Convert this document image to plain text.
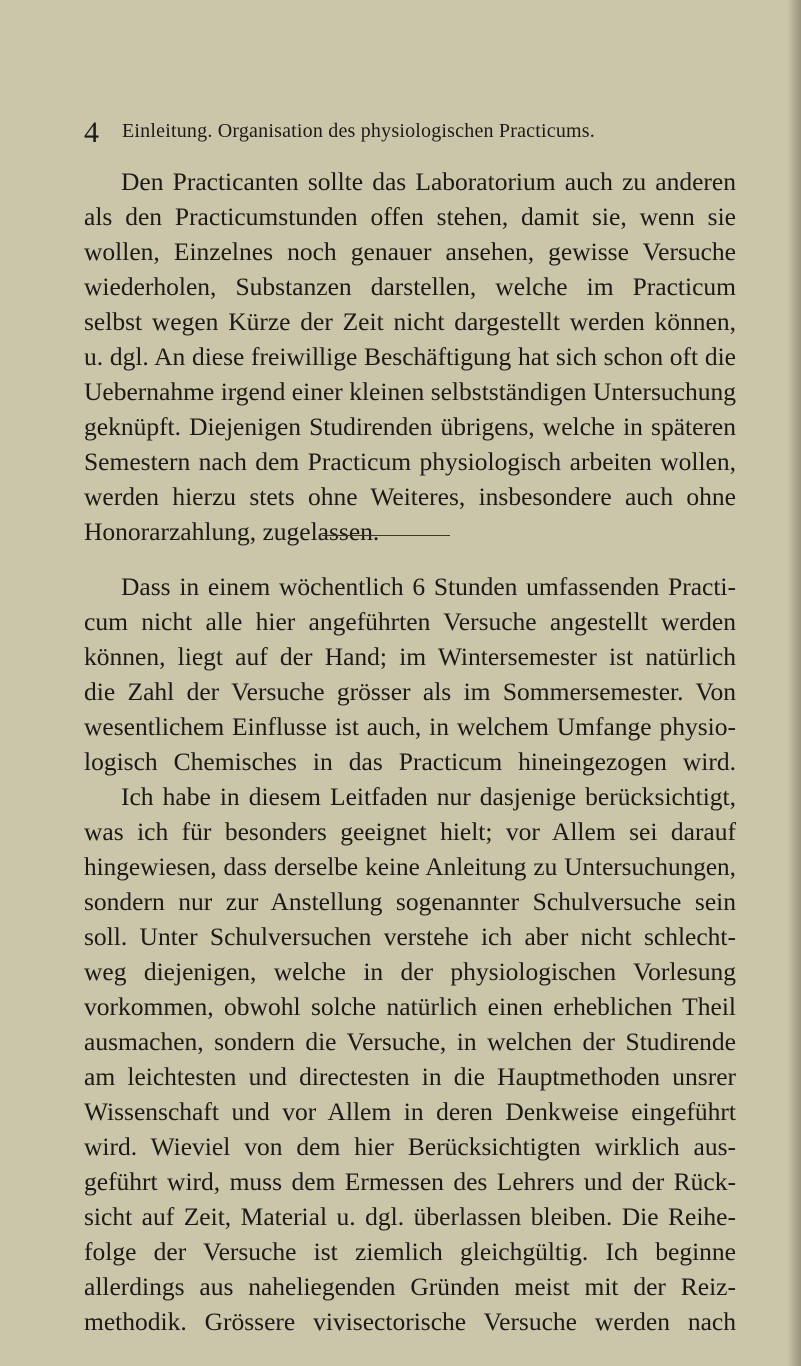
4 Einleitung. Organisation des physiologischen Practicums.
Den Practicanten sollte das Laboratorium auch zu anderen
als den Practicumstunden offen stehen, damit sie, wenn sie
wollen, Einzelnes noch genauer ansehen, gewisse Versuche
wiederholen, Substanzen darstellen, welche im Practicum
selbst wegen Kürze der Zeit nicht dargestellt werden können,
u. dgl. An diese freiwillige Beschäftigung hat sich schon oft die
Uebernahme irgend einer kleinen selbstständigen Untersuchung
geknüpft. Diejenigen Studirenden übrigens, welche in späteren
Semestern nach dem Practicum physiologisch arbeiten wollen,
werden hierzu stets ohne Weiteres, insbesondere auch ohne
Honorarzahlung, zugelassen.
Dass in einem wöchentlich 6 Stunden umfassenden Practi-
cum nicht alle hier angeführten Versuche angestellt werden
können, liegt auf der Hand; im Wintersemester ist natürlich
die Zahl der Versuche grösser als im Sommersemester. Von
wesentlichem Einflusse ist auch, in welchem Umfange physio-
logisch Chemisches in das Practicum hineingezogen wird.
Ich habe in diesem Leitfaden nur dasjenige berücksichtigt,
was ich für besonders geeignet hielt; vor Allem sei darauf
hingewiesen, dass derselbe keine Anleitung zu Untersuchungen,
sondern nur zur Anstellung sogenannter Schulversuche sein
soll. Unter Schulversuchen verstehe ich aber nicht schlecht-
weg diejenigen, welche in der physiologischen Vorlesung
vorkommen, obwohl solche natürlich einen erheblichen Theil
ausmachen, sondern die Versuche, in welchen der Studirende
am leichtesten und directesten in die Hauptmethoden unsrer
Wissenschaft und vor Allem in deren Denkweise eingeführt
wird. Wieviel von dem hier Berücksichtigten wirklich aus-
geführt wird, muss dem Ermessen des Lehrers und der Rück-
sicht auf Zeit, Material u. dgl. überlassen bleiben. Die Reihe-
folge der Versuche ist ziemlich gleichgültig. Ich beginne
allerdings aus naheliegenden Gründen meist mit der Reiz-
methodik. Grössere vivisectorische Versuche werden nach
